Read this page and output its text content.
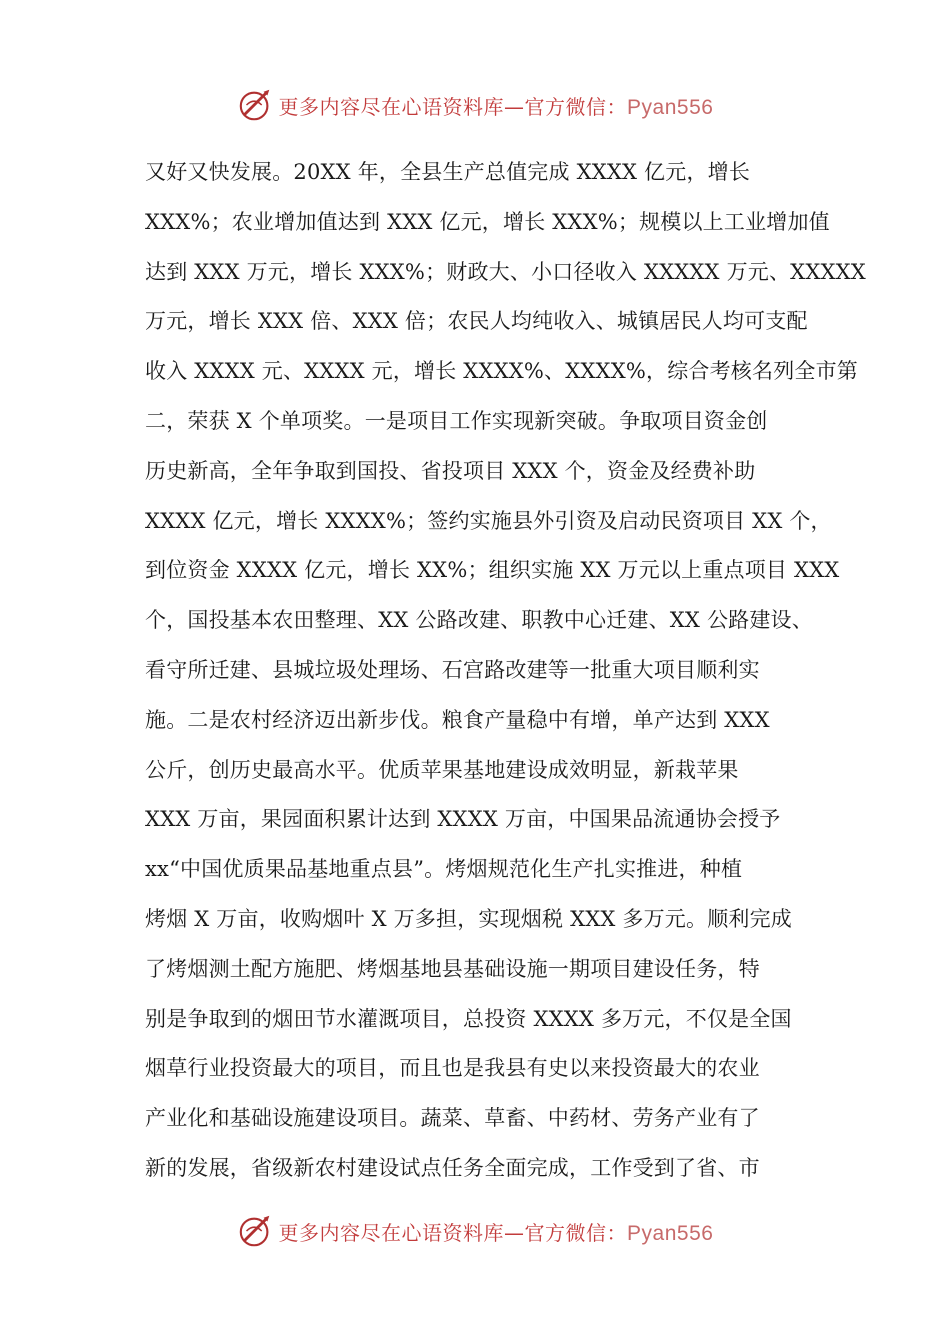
更多内容尽在心语资料库—官方微信：Pyan556
又好又快发展。20XX 年，全县生产总值完成 XXXX 亿元，增长
XXX%；农业增加值达到 XXX 亿元，增长 XXX%；规模以上工业增加值
达到 XXX 万元，增长 XXX%；财政大、小口径收入 XXXXX 万元、XXXXX
万元，增长 XXX 倍、XXX 倍；农民人均纯收入、城镇居民人均可支配
收入 XXXX 元、XXXX 元，增长 XXXX%、XXXX%，综合考核名列全市第
二，荣获 X 个单项奖。一是项目工作实现新突破。争取项目资金创
历史新高，全年争取到国投、省投项目 XXX 个，资金及经费补助
XXXX 亿元，增长 XXXX%；签约实施县外引资及启动民资项目 XX 个，
到位资金 XXXX 亿元，增长 XX%；组织实施 XX 万元以上重点项目 XXX
个，国投基本农田整理、XX 公路改建、职教中心迁建、XX 公路建设、
看守所迁建、县城垃圾处理场、石宫路改建等一批重大项目顺利实
施。二是农村经济迈出新步伐。粮食产量稳中有增，单产达到 XXX
公斤，创历史最高水平。优质苹果基地建设成效明显，新栽苹果
XXX 万亩，果园面积累计达到 XXXX 万亩，中国果品流通协会授予
xx“中国优质果品基地重点县”。烤烟规范化生产扎实推进，种植
烤烟 X 万亩，收购烟叶 X 万多担，实现烟税 XXX 多万元。顺利完成
了烤烟测土配方施肥、烤烟基地县基础设施一期项目建设任务，特
别是争取到的烟田节水灌溉项目，总投资 XXXX 多万元，不仅是全国
烟草行业投资最大的项目，而且也是我县有史以来投资最大的农业
产业化和基础设施建设项目。蔬菜、草畜、中药材、劳务产业有了
新的发展，省级新农村建设试点任务全面完成，工作受到了省、市
更多内容尽在心语资料库—官方微信：Pyan556
